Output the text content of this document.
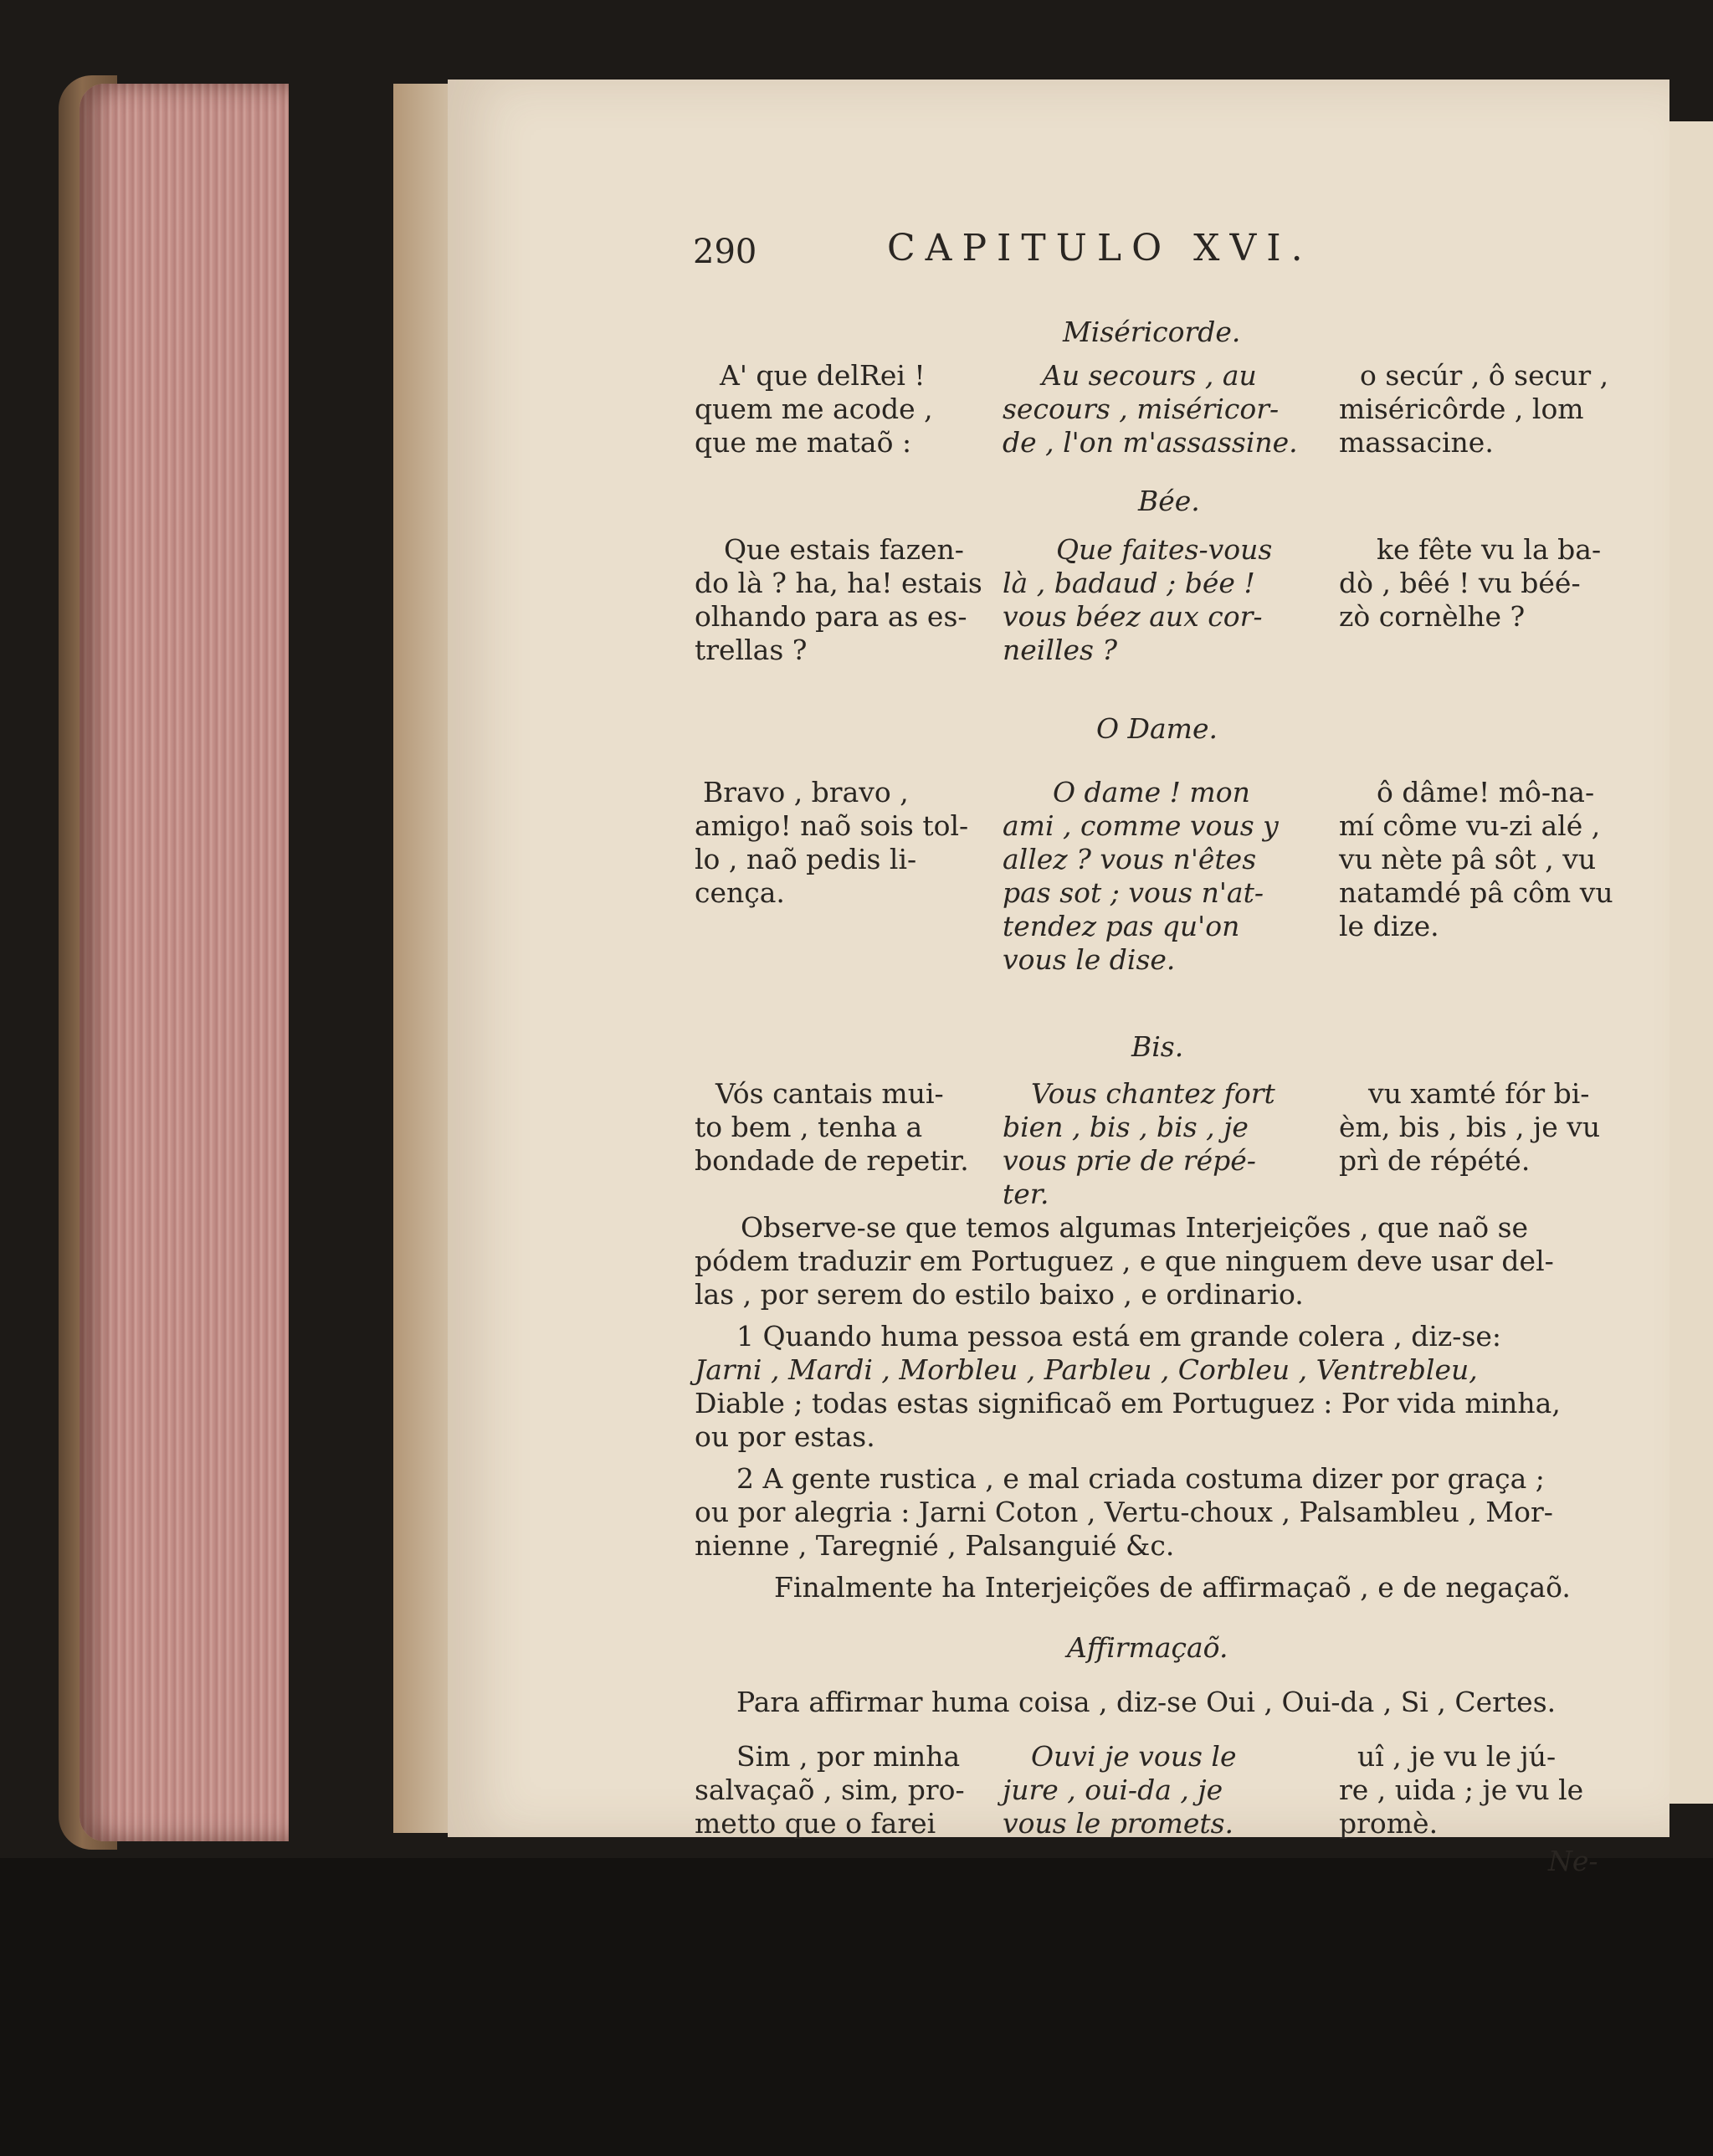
290	CAPITULO XVI.
Miséricorde.
A' que delRei !
quem me acode ,
que me mataõ :
Au secours , au
secours , miséricor-
de , l'on m'assassine.
o secúr , ô secur ,
miséricôrde , lom
massacine.
Bée.
Que estais fazen-
do là ? ha, ha! estais
olhando para as es-
trellas ?
Que faites-vous
là , badaud ; bée !
vous béez aux cor-
neilles ?
ke fête vu la ba-
dò , bêé ! vu béé-
zò cornèlhe ?
O Dame.
Bravo , bravo ,
amigo! naõ sois tol-
lo , naõ pedis li-
cença.
O dame ! mon
ami , comme vous y
allez ? vous n'êtes
pas sot ; vous n'at-
tendez pas qu'on
vous le dise.
ô dâme! mô-na-
mí côme vu-zi alé ,
vu nète pâ sôt , vu
natamdé pâ côm vu
le dize.
Bis.
Vós cantais mui-
to bem , tenha a
bondade de repetir.
Vous chantez fort
bien , bis , bis , je
vous prie de répé-
ter.
vu xamté fór bi-
èm, bis , bis , je vu
prì de répété.
Observe-se que temos algumas Interjeições , que naõ se
pódem traduzir em Portuguez , e que ninguem deve usar del-
las , por serem do estilo baixo , e ordinario.
1 Quando huma pessoa está em grande colera , diz-se:
Jarni , Mardi , Morbleu , Parbleu , Corbleu , Ventrebleu,
Diable ; todas estas significaõ em Portuguez : Por vida minha,
ou por estas.
2 A gente rustica , e mal criada costuma dizer por graça ;
ou por alegria : Jarni Coton , Vertu-choux , Palsambleu , Mor-
nienne , Taregnié , Palsanguié &c.
Finalmente ha Interjeições de affirmaçaõ , e de negaçaõ.
Affirmaçaõ.
Para affirmar huma coisa , diz-se Oui , Oui-da , Si , Certes.
Sim , por minha
salvaçaõ , sim, pro-
metto que o farei
Ouvi je vous le
jure , oui-da , je
vous le promets.
uî , je vu le jú-
re , uida ; je vu le
promè.
Ne-
